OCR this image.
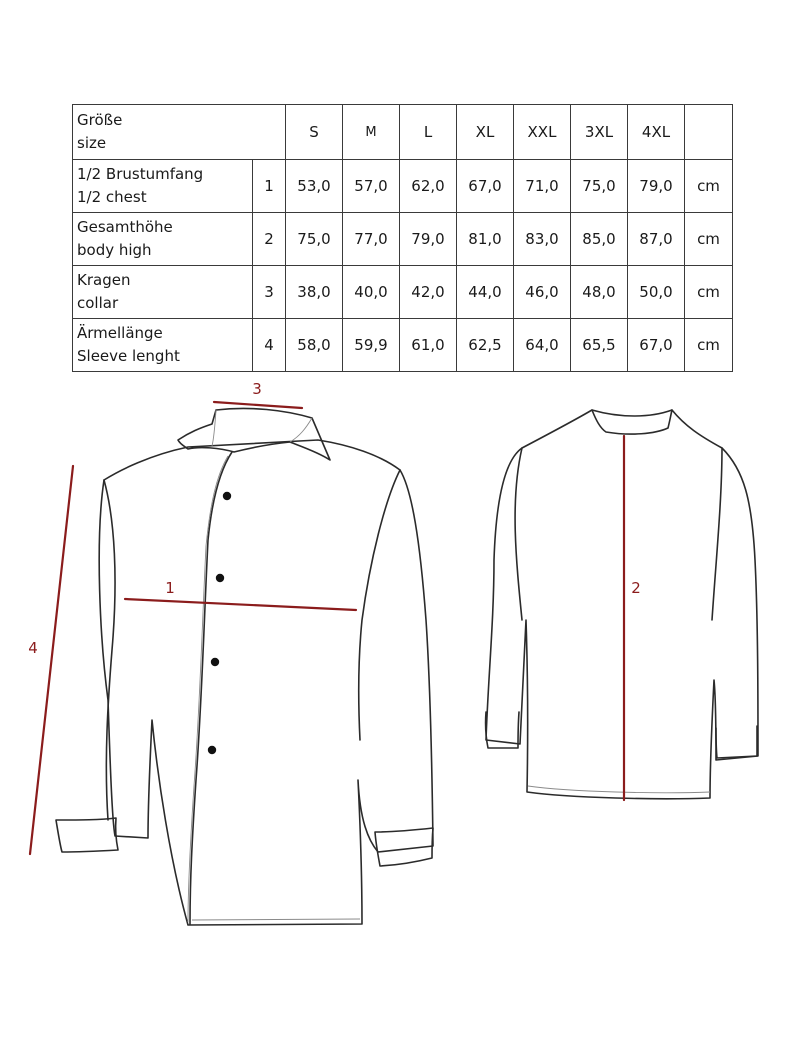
Größe
size		S	M	L	XL	XXL	3XL	4XL	

1/2 Brustumfang
1/2 chest	1	53,0	57,0	62,0	67,0	71,0	75,0	79,0	cm

Gesamthöhe
body high	2	75,0	77,0	79,0	81,0	83,0	85,0	87,0	cm

Kragen
collar	3	38,0	40,0	42,0	44,0	46,0	48,0	50,0	cm

Ärmellänge
Sleeve lenght	4	58,0	59,9	61,0	62,5	64,0	65,5	67,0	cm
3
1
4
2
